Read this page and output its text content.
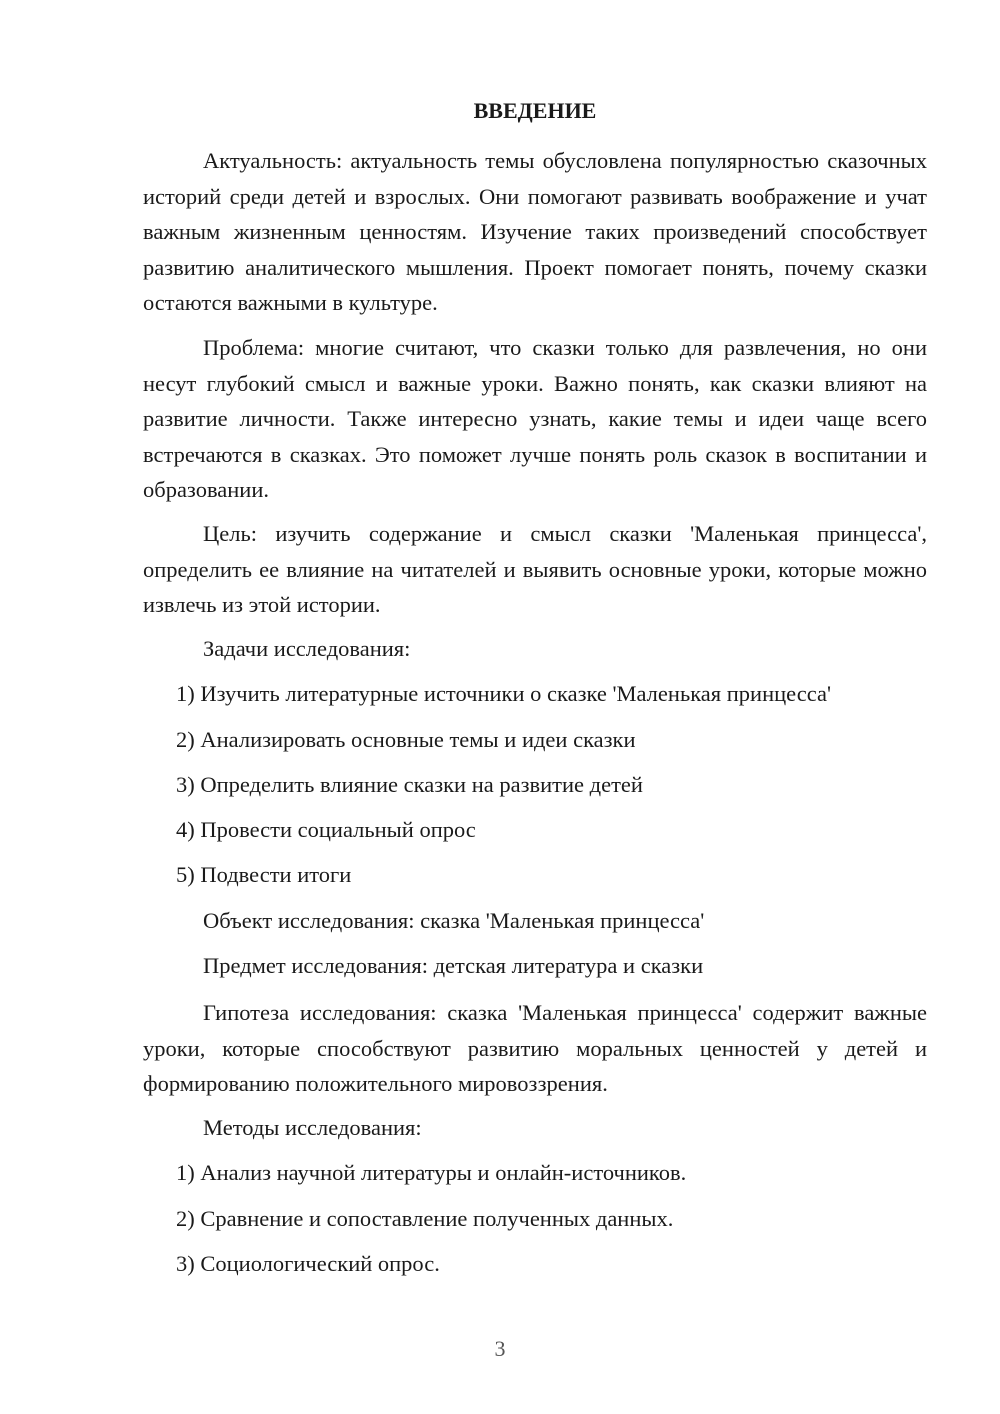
ВВЕДЕНИЕ

Актуальность: актуальность темы обусловлена популярностью сказочных историй среди детей и взрослых. Они помогают развивать воображение и учат важным жизненным ценностям. Изучение таких произведений способствует развитию аналитического мышления. Проект помогает понять, почему сказки остаются важными в культуре.

Проблема: многие считают, что сказки только для развлечения, но они несут глубокий смысл и важные уроки. Важно понять, как сказки влияют на развитие личности. Также интересно узнать, какие темы и идеи чаще всего встречаются в сказках. Это поможет лучше понять роль сказок в воспитании и образовании.

Цель: изучить содержание и смысл сказки 'Маленькая принцесса', определить ее влияние на читателей и выявить основные уроки, которые можно извлечь из этой истории.

Задачи исследования:

1) Изучить литературные источники о сказке 'Маленькая принцесса'

2) Анализировать основные темы и идеи сказки

3) Определить влияние сказки на развитие детей

4) Провести социальный опрос

5) Подвести итоги

Объект исследования: сказка 'Маленькая принцесса'

Предмет исследования: детская литература и сказки

Гипотеза исследования: сказка 'Маленькая принцесса' содержит важные уроки, которые способствуют развитию моральных ценностей у детей и формированию положительного мировоззрения.

Методы исследования:

1) Анализ научной литературы и онлайн-источников.

2) Сравнение и сопоставление полученных данных.

3) Социологический опрос.

3
